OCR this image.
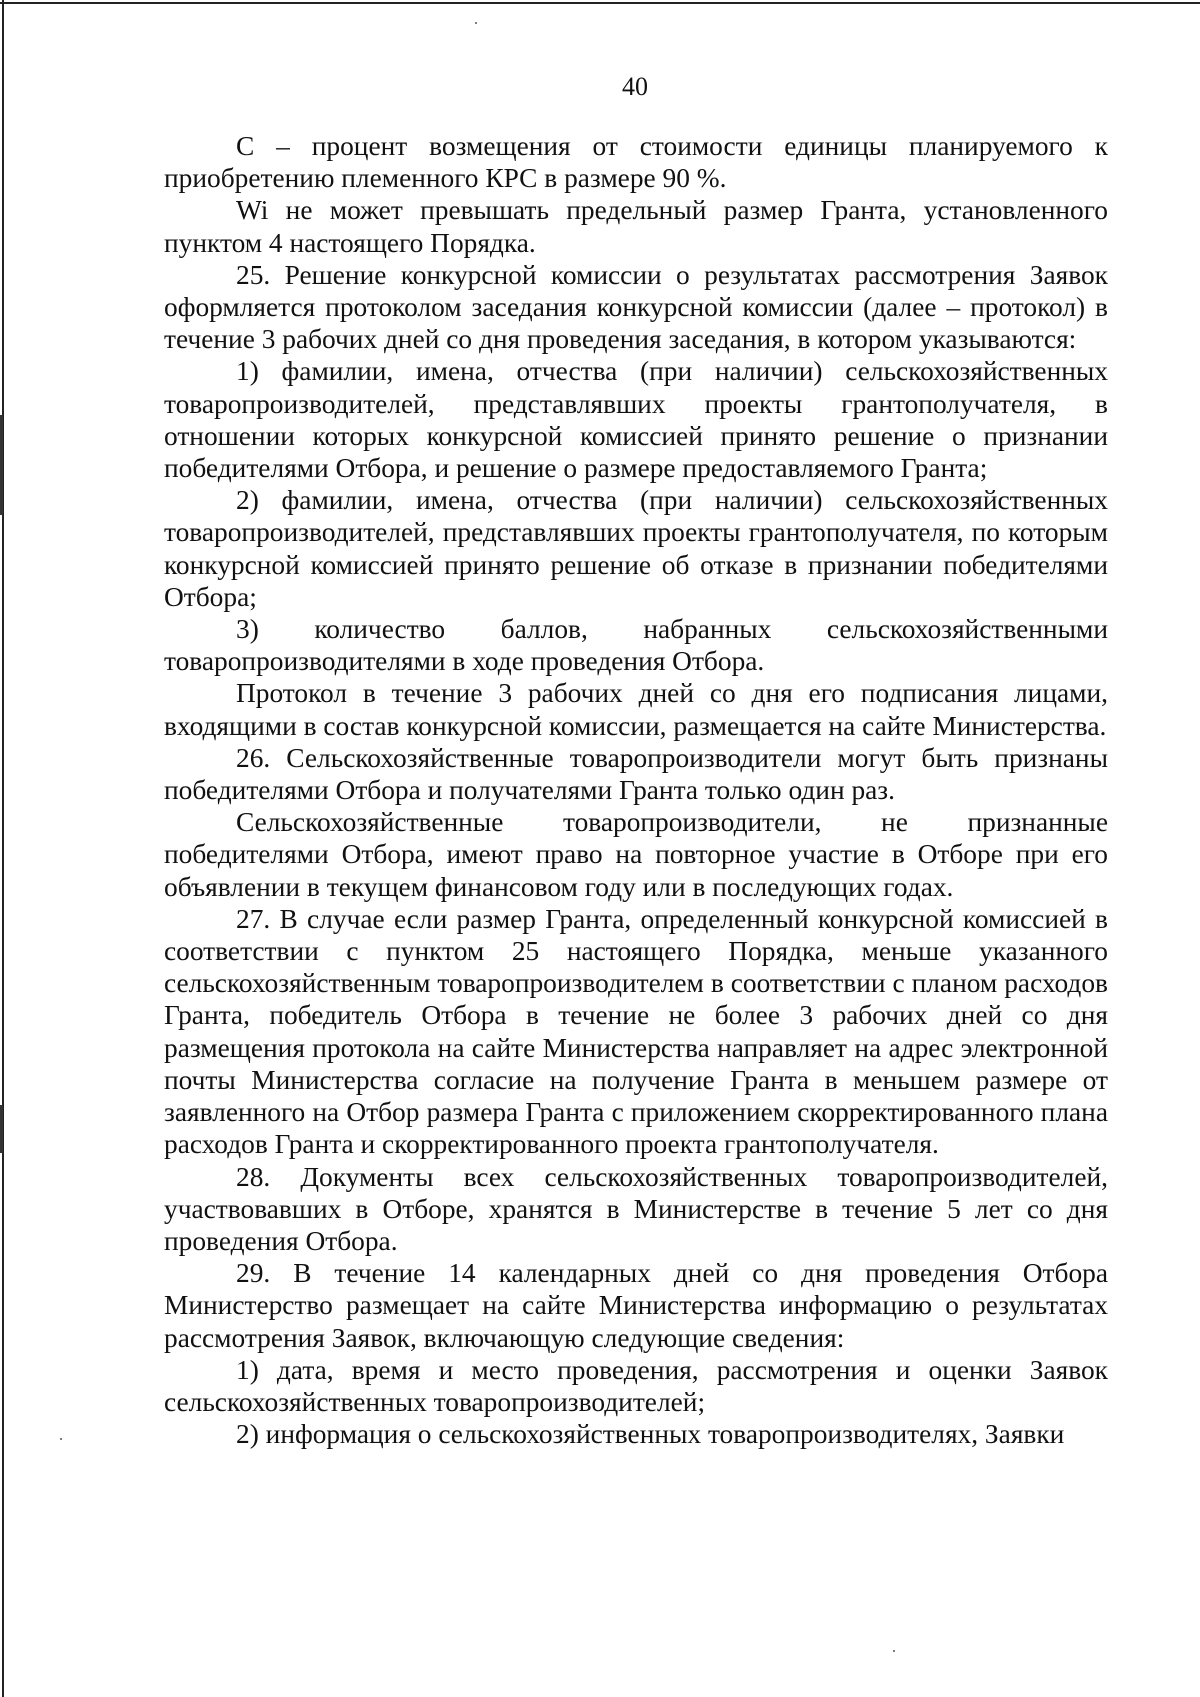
40

С – процент возмещения от стоимости единицы планируемого к приобретению племенного КРС в размере 90 %.

Wi не может превышать предельный размер Гранта, установленного пунктом 4 настоящего Порядка.

25. Решение конкурсной комиссии о результатах рассмотрения Заявок оформляется протоколом заседания конкурсной комиссии (далее – протокол) в течение 3 рабочих дней со дня проведения заседания, в котором указываются:

1) фамилии, имена, отчества (при наличии) сельскохозяйственных товаропроизводителей, представлявших проекты грантополучателя, в отношении которых конкурсной комиссией принято решение о признании победителями Отбора, и решение о размере предоставляемого Гранта;

2) фамилии, имена, отчества (при наличии) сельскохозяйственных товаропроизводителей, представлявших проекты грантополучателя, по которым конкурсной комиссией принято решение об отказе в признании победителями Отбора;

3) количество баллов, набранных сельскохозяйственными товаропроизводителями в ходе проведения Отбора.

Протокол в течение 3 рабочих дней со дня его подписания лицами, входящими в состав конкурсной комиссии, размещается на сайте Министерства.

26. Сельскохозяйственные товаропроизводители могут быть признаны победителями Отбора и получателями Гранта только один раз.

Сельскохозяйственные товаропроизводители, не признанные победителями Отбора, имеют право на повторное участие в Отборе при его объявлении в текущем финансовом году или в последующих годах.

27. В случае если размер Гранта, определенный конкурсной комиссией в соответствии с пунктом 25 настоящего Порядка, меньше указанного сельскохозяйственным товаропроизводителем в соответствии с планом расходов Гранта, победитель Отбора в течение не более 3 рабочих дней со дня размещения протокола на сайте Министерства направляет на адрес электронной почты Министерства согласие на получение Гранта в меньшем размере от заявленного на Отбор размера Гранта с приложением скорректированного плана расходов Гранта и скорректированного проекта грантополучателя.

28. Документы всех сельскохозяйственных товаропроизводителей, участвовавших в Отборе, хранятся в Министерстве в течение 5 лет со дня проведения Отбора.

29. В течение 14 календарных дней со дня проведения Отбора Министерство размещает на сайте Министерства информацию о результатах рассмотрения Заявок, включающую следующие сведения:

1) дата, время и место проведения, рассмотрения и оценки Заявок сельскохозяйственных товаропроизводителей;

2) информация о сельскохозяйственных товаропроизводителях, Заявки
